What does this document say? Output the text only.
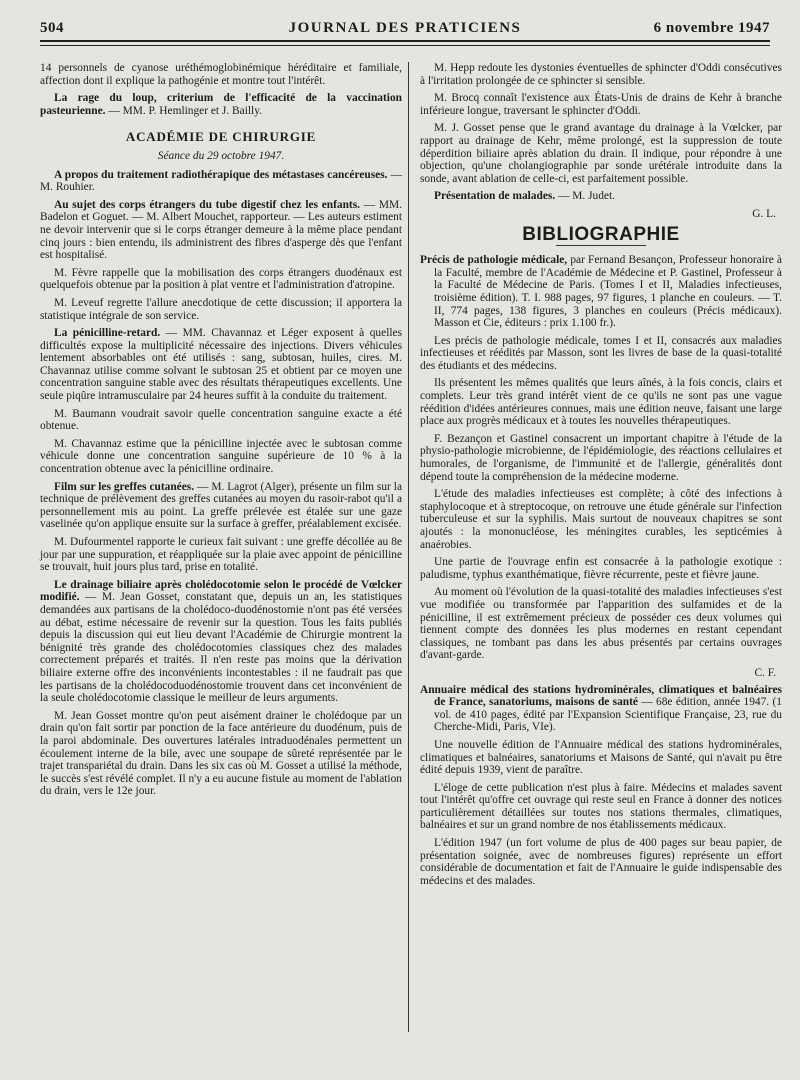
504	JOURNAL DES PRATICIENS	6 novembre 1947

14 personnels de cyanose uréthémoglobinémique héréditaire et familiale, affection dont il explique la pathogénie et montre tout l'intérêt.

La rage du loup, criterium de l'efficacité de la vaccination pasteurienne. — MM. P. Hemlinger et J. Bailly.

ACADÉMIE DE CHIRURGIE
Séance du 29 octobre 1947.

A propos du traitement radiothérapique des métastases cancéreuses. — M. Rouhier.

Au sujet des corps étrangers du tube digestif chez les enfants. — MM. Badelon et Goguet. — M. Albert Mouchet, rapporteur. — Les auteurs estiment ne devoir intervenir que si le corps étranger demeure à la même place pendant cinq jours : bien entendu, ils administrent des fibres d'asperge dès que l'enfant est hospitalisé.

M. Fèvre rappelle que la mobilisation des corps étrangers duodénaux est quelquefois obtenue par la position à plat ventre et l'administration d'atropine.

M. Leveuf regrette l'allure anecdotique de cette discussion; il apportera la statistique intégrale de son service.

La pénicilline-retard. — MM. Chavannaz et Léger exposent à quelles difficultés expose la multiplicité nécessaire des injections. Divers véhicules lentement absorbables ont été utilisés : sang, subtosan, huiles, cires. M. Chavannaz utilise comme solvant le subtosan 25 et obtient par ce moyen une concentration sanguine stable avec des résultats thérapeutiques excellents. Une seule piqûre intramusculaire par 24 heures suffit à la conduite du traitement.

M. Baumann voudrait savoir quelle concentration sanguine exacte a été obtenue.

M. Chavannaz estime que la pénicilline injectée avec le subtosan comme véhicule donne une concentration sanguine supérieure de 10 % à la concentration obtenue avec la pénicilline ordinaire.

Film sur les greffes cutanées. — M. Lagrot (Alger), présente un film sur la technique de prélèvement des greffes cutanées au moyen du rasoir-rabot qu'il a personnellement mis au point. La greffe prélevée est étalée sur une gaze vaselinée qu'on applique ensuite sur la surface à greffer, préalablement excisée.

M. Dufourmentel rapporte le curieux fait suivant : une greffe décollée au 8e jour par une suppuration, et réappliquée sur la plaie avec appoint de pénicilline se trouvait, huit jours plus tard, prise en totalité.

Le drainage biliaire après cholédocotomie selon le procédé de Vœlcker modifié. — M. Jean Gosset, constatant que, depuis un an, les statistiques demandées aux partisans de la cholédoco-duodénostomie n'ont pas été versées au débat, estime nécessaire de revenir sur la question. Tous les faits publiés depuis la discussion qui eut lieu devant l'Académie de Chirurgie montrent la bénignité très grande des cholédocotomies classiques chez des malades correctement préparés et traités. Il n'en reste pas moins que la dérivation biliaire externe offre des inconvénients incontestables : il ne faudrait pas que les partisans de la cholédocoduodénostomie trouvent dans cet inconvénient de la seule cholédocotomie classique le meilleur de leurs arguments.

M. Jean Gosset montre qu'on peut aisément drainer le cholédoque par un drain qu'on fait sortir par ponction de la face antérieure du duodénum, puis de la paroi abdominale. Des ouvertures latérales intraduodénales permettent un écoulement interne de la bile, avec une soupape de sûreté représentée par le trajet transpariétal du drain. Dans les six cas où M. Gosset a utilisé la méthode, le succès s'est révélé complet. Il n'y a eu aucune fistule au moment de l'ablation du drain, vers le 12e jour.

M. Hepp redoute les dystonies éventuelles de sphincter d'Oddi consécutives à l'irritation prolongée de ce sphincter si sensible.

M. Brocq connaît l'existence aux États-Unis de drains de Kehr à branche inférieure longue, traversant le sphincter d'Oddi.

M. J. Gosset pense que le grand avantage du drainage à la Vœlcker, par rapport au drainage de Kehr, même prolongé, est la suppression de toute déperdition biliaire après ablation du drain. Il indique, pour répondre à une objection, qu'une cholangiographie par sonde urétérale introduite dans la sonde, avant ablation de celle-ci, est parfaitement possible.

Présentation de malades. — M. Judet.

G. L.
BIBLIOGRAPHIE

Précis de pathologie médicale, par Fernand Besançon, Professeur honoraire à la Faculté, membre de l'Académie de Médecine et P. Gastinel, Professeur à la Faculté de Médecine de Paris. (Tomes I et II, Maladies infectieuses, troisième édition). T. I. 988 pages, 97 figures, 1 planche en couleurs. — T. II, 774 pages, 138 figures, 3 planches en couleurs (Précis médicaux). Masson et Cie, éditeurs : prix 1.100 fr.).

Les précis de pathologie médicale, tomes I et II, consacrés aux maladies infectieuses et réédités par Masson, sont les livres de base de la quasi-totalité des étudiants et des médecins.

Ils présentent les mêmes qualités que leurs aînés, à la fois concis, clairs et complets. Leur très grand intérêt vient de ce qu'ils ne sont pas une vague réédition d'idées antérieures connues, mais une édition neuve, faisant une large place aux progrès médicaux et à toutes les nouvelles thérapeutiques.

F. Bezançon et Gastinel consacrent un important chapitre à l'étude de la physio-pathologie microbienne, de l'épidémiologie, des réactions cellulaires et humorales, de l'organisme, de l'immunité et de l'allergie, généralités dont dépend toute la compréhension de la médecine moderne.

L'étude des maladies infectieuses est complète; à côté des infections à staphylocoque et à streptocoque, on retrouve une étude générale sur l'infection tuberculeuse et sur la syphilis. Mais surtout de nouveaux chapitres se sont ajoutés : la mononucléose, les méningites curables, les septicémies à anaérobies.

Une partie de l'ouvrage enfin est consacrée à la pathologie exotique : paludisme, typhus exanthématique, fièvre récurrente, peste et fièvre jaune.

Au moment où l'évolution de la quasi-totalité des maladies infectieuses s'est vue modifiée ou transformée par l'apparition des sulfamides et de la pénicilline, il est extrêmement précieux de posséder ces deux volumes qui tiennent compte des données les plus modernes en restant cependant classiques, ne tombant pas dans les abus présentés par certains ouvrages d'avant-garde.

C. F.

Annuaire médical des stations hydrominérales, climatiques et balnéaires de France, sanatoriums, maisons de santé — 68e édition, année 1947. (1 vol. de 410 pages, édité par l'Expansion Scientifique Française, 23, rue du Cherche-Midi, Paris, VIe).

Une nouvelle édition de l'Annuaire médical des stations hydrominérales, climatiques et balnéaires, sanatoriums et Maisons de Santé, qui n'avait pu être édité depuis 1939, vient de paraître.

L'éloge de cette publication n'est plus à faire. Médecins et malades savent tout l'intérêt qu'offre cet ouvrage qui reste seul en France à donner des notices particulièrement détaillées sur toutes nos stations thermales, climatiques, balnéaires et sur un grand nombre de nos établissements médicaux.

L'édition 1947 (un fort volume de plus de 400 pages sur beau papier, de présentation soignée, avec de nombreuses figures) représente un effort considérable de documentation et fait de l'Annuaire le guide indispensable des médecins et des malades.
